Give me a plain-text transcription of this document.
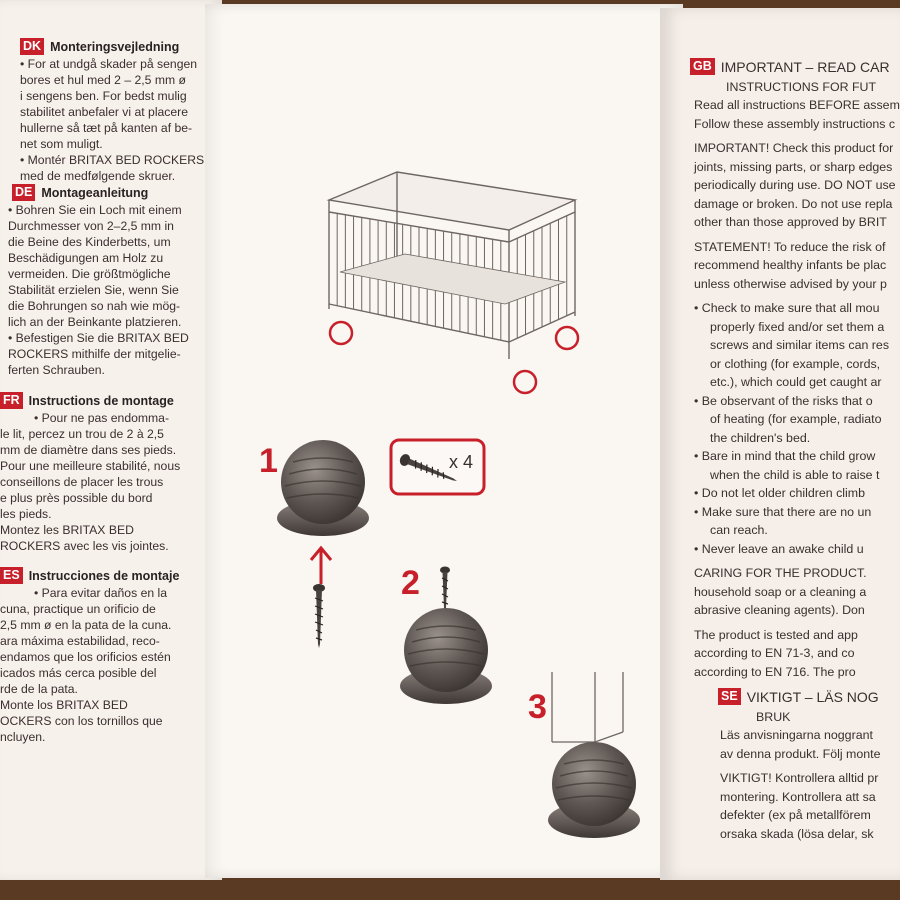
DK Monteringsvejledning
• For at undgå skader på sengen
bores et hul med 2 – 2,5 mm ø
i sengens ben. For bedst mulig
stabilitet anbefaler vi at placere
hullerne så tæt på kanten af be-
net som muligt.
• Montér BRITAX BED ROCKERS
med de medfølgende skruer.
DE Montageanleitung
• Bohren Sie ein Loch mit einem
Durchmesser von 2–2,5 mm in
die Beine des Kinderbetts, um
Beschädigungen am Holz zu
vermeiden. Die größtmögliche
Stabilität erzielen Sie, wenn Sie
die Bohrungen so nah wie mög-
lich an der Beinkante platzieren.
• Befestigen Sie die BRITAX BED
ROCKERS mithilfe der mitgelie-
ferten Schrauben.
FR Instructions de montage
• Pour ne pas endomma-
le lit, percez un trou de 2 à 2,5
mm de diamètre dans ses pieds.
Pour une meilleure stabilité, nous
conseillons de placer les trous
e plus près possible du bord
les pieds.
Montez les BRITAX BED
ROCKERS avec les vis jointes.
ES Instrucciones de montaje
• Para evitar daños en la
cuna, practique un orificio de
2,5 mm ø en la pata de la cuna.
ara máxima estabilidad, reco-
endamos que los orificios estén
icados más cerca posible del
rde de la pata.
Monte los BRITAX BED
OCKERS con los tornillos que
ncluyen.
x 4
1
2
3
GB IMPORTANT – READ CAR
INSTRUCTIONS FOR FUT
Read all instructions BEFORE assem
Follow these assembly instructions c
IMPORTANT! Check this product for
joints, missing parts, or sharp edges
periodically during use. DO NOT use
damage or broken. Do not use repla
other than those approved by BRIT
STATEMENT! To reduce the risk of
recommend healthy infants be plac
unless otherwise advised by your p
• Check to make sure that all mou
properly fixed and/or set them a
screws and similar items can res
or clothing (for example, cords,
etc.), which could get caught ar
• Be observant of the risks that o
of heating (for example, radiato
the children's bed.
• Bare in mind that the child grow
when the child is able to raise t
• Do not let older children climb
• Make sure that there are no un
can reach.
• Never leave an awake child u
CARING FOR THE PRODUCT.
household soap or a cleaning a
abrasive cleaning agents). Don
The product is tested and app
according to EN 71-3, and co
according to EN 716. The pro
SE VIKTIGT – LÄS NOG
BRUK
Läs anvisningarna noggrant
av denna produkt. Följ monte
VIKTIGT! Kontrollera alltid pr
montering. Kontrollera att sa
defekter (ex på metallförem
orsaka skada (lösa delar, sk
